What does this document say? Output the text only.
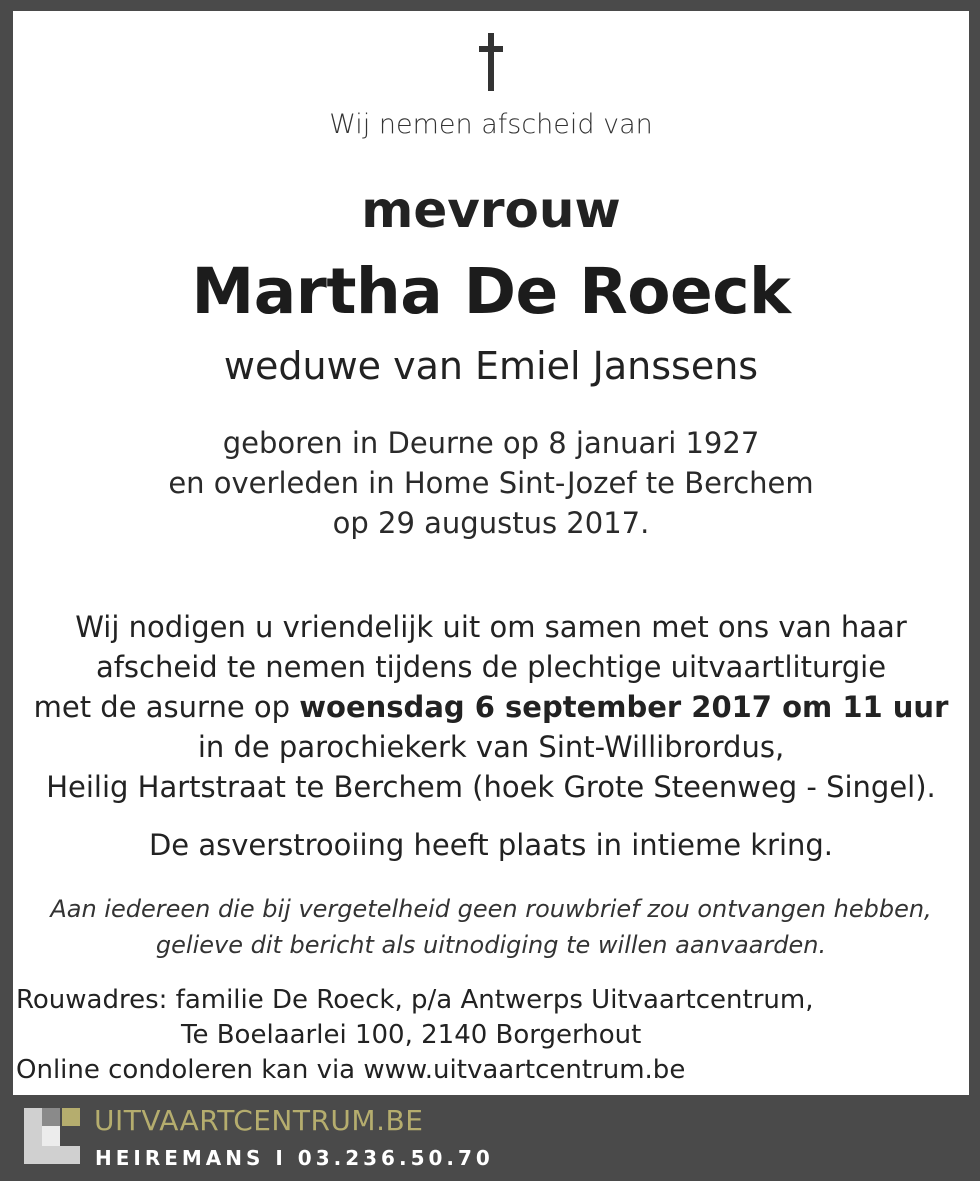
Wij nemen afscheid van
mevrouw
Martha De Roeck
weduwe van Emiel Janssens
geboren in Deurne op 8 januari 1927
en overleden in Home Sint-Jozef te Berchem
op 29 augustus 2017.
Wij nodigen u vriendelijk uit om samen met ons van haar
afscheid te nemen tijdens de plechtige uitvaartliturgie
met de asurne op woensdag 6 september 2017 om 11 uur
in de parochiekerk van Sint-Willibrordus,
Heilig Hartstraat te Berchem (hoek Grote Steenweg - Singel).
De asverstrooiing heeft plaats in intieme kring.
Aan iedereen die bij vergetelheid geen rouwbrief zou ontvangen hebben,
gelieve dit bericht als uitnodiging te willen aanvaarden.
Rouwadres: familie De Roeck, p/a Antwerps Uitvaartcentrum,
Te Boelaarlei 100, 2140 Borgerhout
Online condoleren kan via www.uitvaartcentrum.be
UITVAARTCENTRUM.BE
HEIREMANS I 03.236.50.70
